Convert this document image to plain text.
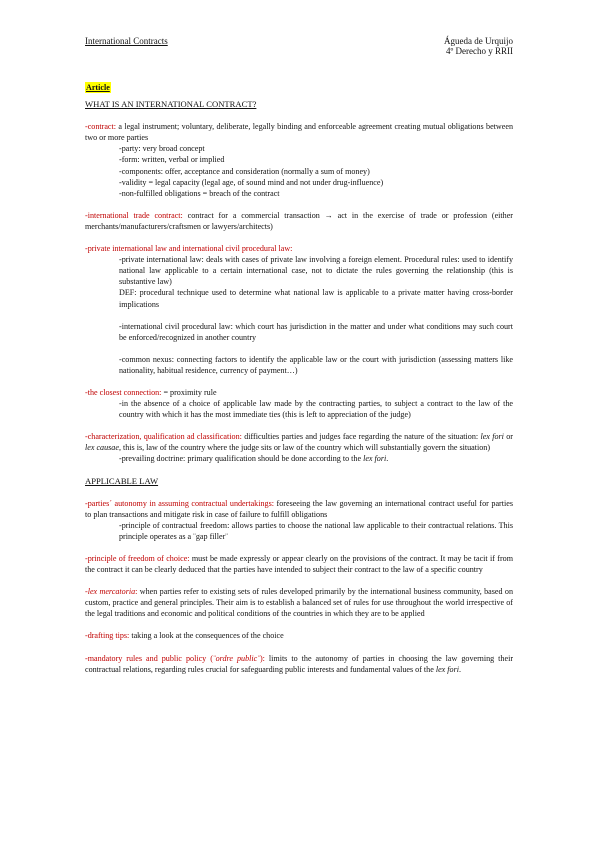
International Contracts	Águeda de Urquijo
4º Derecho y RRII

Article

WHAT IS AN INTERNATIONAL CONTRACT?

-contract: a legal instrument; voluntary, deliberate, legally binding and enforceable agreement creating mutual obligations between two or more parties

-party: very broad concept

-form: written, verbal or implied

-components: offer, acceptance and consideration (normally a sum of money)

-validity = legal capacity (legal age, of sound mind and not under drug-influence)

-non-fulfilled obligations = breach of the contract

-international trade contract: contract for a commercial transaction → act in the exercise of trade or profession (either merchants/manufacturers/craftsmen or lawyers/architects)

-private international law and international civil procedural law:

-private international law: deals with cases of private law involving a foreign element. Procedural rules: used to identify national law applicable to a certain international case, not to dictate the rules governing the relationship (this is substantive law)

DEF: procedural technique used to determine what national law is applicable to a private matter having cross-border implications

-international civil procedural law: which court has jurisdiction in the matter and under what conditions may such court be enforced/recognized in another country

-common nexus: connecting factors to identify the applicable law or the court with jurisdiction (assessing matters like nationality, habitual residence, currency of payment…)

-the closest connection: = proximity rule

-in the absence of a choice of applicable law made by the contracting parties, to subject a contract to the law of the country with which it has the most immediate ties (this is left to appreciation of the judge)

-characterization, qualification ad classification: difficulties parties and judges face regarding the nature of the situation: lex fori or lex causae, this is, law of the country where the judge sits or law of the country which will substantially govern the situation)

-prevailing doctrine: primary qualification should be done according to the lex fori.

APPLICABLE LAW

-parties´ autonomy in assuming contractual undertakings: foreseeing the law governing an international contract useful for parties to plan transactions and mitigate risk in case of failure to fulfill obligations

-principle of contractual freedom: allows parties to choose the national law applicable to their contractual relations. This principle operates as a ¨gap filler¨

-principle of freedom of choice: must be made expressly or appear clearly on the provisions of the contract. It may be tacit if from the contract it can be clearly deduced that the parties have intended to subject their contract to the law of a specific country

-lex mercatoria: when parties refer to existing sets of rules developed primarily by the international business community, based on custom, practice and general principles. Their aim is to establish a balanced set of rules for use throughout the world irrespective of the legal traditions and economic and political conditions of the countries in which they are to be applied

-drafting tips: taking a look at the consequences of the choice

-mandatory rules and public policy (¨ordre public¨): limits to the autonomy of parties in choosing the law governing their contractual relations, regarding rules crucial for safeguarding public interests and fundamental values of the lex fori.
